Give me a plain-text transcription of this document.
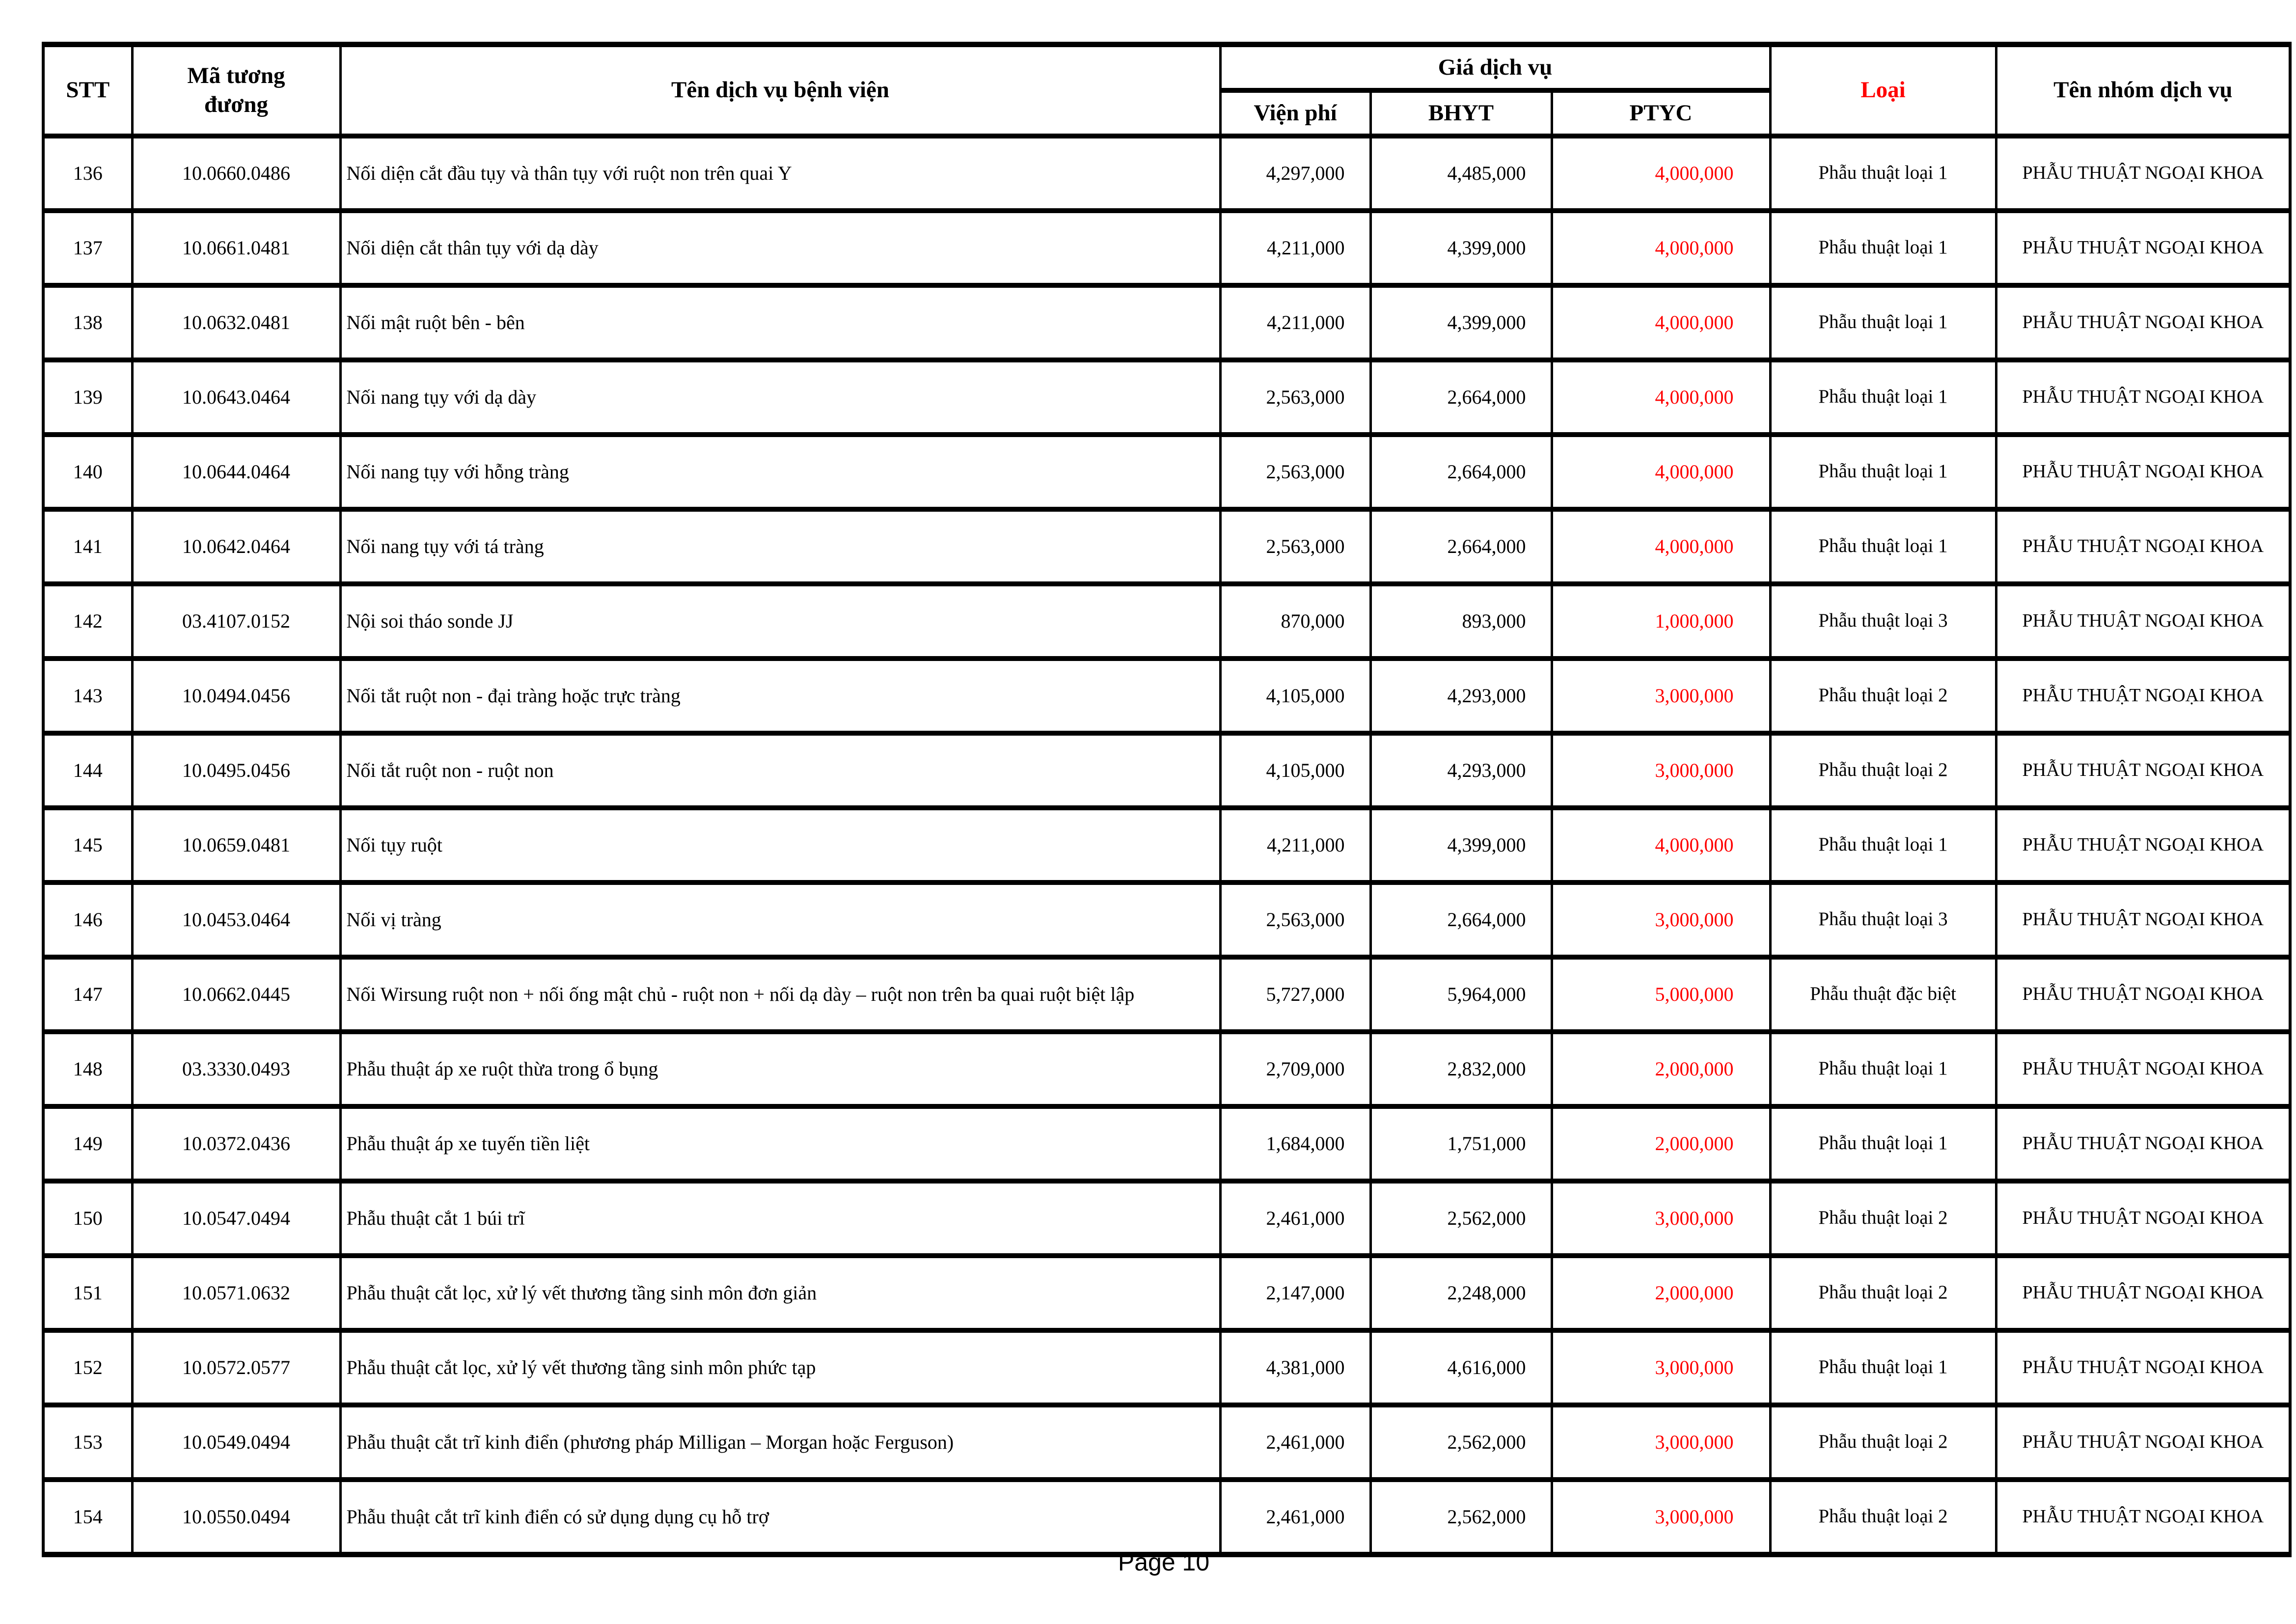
STT	Mã tương đương	Tên dịch vụ bệnh viện	Giá dịch vụ			Loại	Tên nhóm dịch vụ
			Viện phí	BHYT	PTYC		
136	10.0660.0486	Nối diện cắt đầu tụy và thân tụy với ruột non trên quai Y	4,297,000	4,485,000	4,000,000	Phẫu thuật loại 1	PHẪU THUẬT NGOẠI KHOA
137	10.0661.0481	Nối diện cắt thân tụy với dạ dày	4,211,000	4,399,000	4,000,000	Phẫu thuật loại 1	PHẪU THUẬT NGOẠI KHOA
138	10.0632.0481	Nối mật ruột bên - bên	4,211,000	4,399,000	4,000,000	Phẫu thuật loại 1	PHẪU THUẬT NGOẠI KHOA
139	10.0643.0464	Nối nang tụy với dạ dày	2,563,000	2,664,000	4,000,000	Phẫu thuật loại 1	PHẪU THUẬT NGOẠI KHOA
140	10.0644.0464	Nối nang tụy với hỗng tràng	2,563,000	2,664,000	4,000,000	Phẫu thuật loại 1	PHẪU THUẬT NGOẠI KHOA
141	10.0642.0464	Nối nang tụy với tá tràng	2,563,000	2,664,000	4,000,000	Phẫu thuật loại 1	PHẪU THUẬT NGOẠI KHOA
142	03.4107.0152	Nội soi tháo sonde JJ	870,000	893,000	1,000,000	Phẫu thuật loại 3	PHẪU THUẬT NGOẠI KHOA
143	10.0494.0456	Nối tắt ruột non - đại tràng hoặc trực tràng	4,105,000	4,293,000	3,000,000	Phẫu thuật loại 2	PHẪU THUẬT NGOẠI KHOA
144	10.0495.0456	Nối tắt ruột non - ruột non	4,105,000	4,293,000	3,000,000	Phẫu thuật loại 2	PHẪU THUẬT NGOẠI KHOA
145	10.0659.0481	Nối tụy ruột	4,211,000	4,399,000	4,000,000	Phẫu thuật loại 1	PHẪU THUẬT NGOẠI KHOA
146	10.0453.0464	Nối vị tràng	2,563,000	2,664,000	3,000,000	Phẫu thuật loại 3	PHẪU THUẬT NGOẠI KHOA
147	10.0662.0445	Nối Wirsung ruột non + nối ống mật chủ - ruột non + nối dạ dày – ruột non trên ba quai ruột biệt lập	5,727,000	5,964,000	5,000,000	Phẫu thuật đặc biệt	PHẪU THUẬT NGOẠI KHOA
148	03.3330.0493	Phẫu thuật áp xe ruột thừa trong ổ bụng	2,709,000	2,832,000	2,000,000	Phẫu thuật loại 1	PHẪU THUẬT NGOẠI KHOA
149	10.0372.0436	Phẫu thuật áp xe tuyến tiền liệt	1,684,000	1,751,000	2,000,000	Phẫu thuật loại 1	PHẪU THUẬT NGOẠI KHOA
150	10.0547.0494	Phẫu thuật cắt 1 búi trĩ	2,461,000	2,562,000	3,000,000	Phẫu thuật loại 2	PHẪU THUẬT NGOẠI KHOA
151	10.0571.0632	Phẫu thuật cắt lọc, xử lý vết thương tầng sinh môn đơn giản	2,147,000	2,248,000	2,000,000	Phẫu thuật loại 2	PHẪU THUẬT NGOẠI KHOA
152	10.0572.0577	Phẫu thuật cắt lọc, xử lý vết thương tầng sinh môn phức tạp	4,381,000	4,616,000	3,000,000	Phẫu thuật loại 1	PHẪU THUẬT NGOẠI KHOA
153	10.0549.0494	Phẫu thuật cắt trĩ kinh điển (phương pháp Milligan – Morgan hoặc Ferguson)	2,461,000	2,562,000	3,000,000	Phẫu thuật loại 2	PHẪU THUẬT NGOẠI KHOA
154	10.0550.0494	Phẫu thuật cắt trĩ kinh điển có sử dụng dụng cụ hỗ trợ	2,461,000	2,562,000	3,000,000	Phẫu thuật loại 2	PHẪU THUẬT NGOẠI KHOA
Page 10
